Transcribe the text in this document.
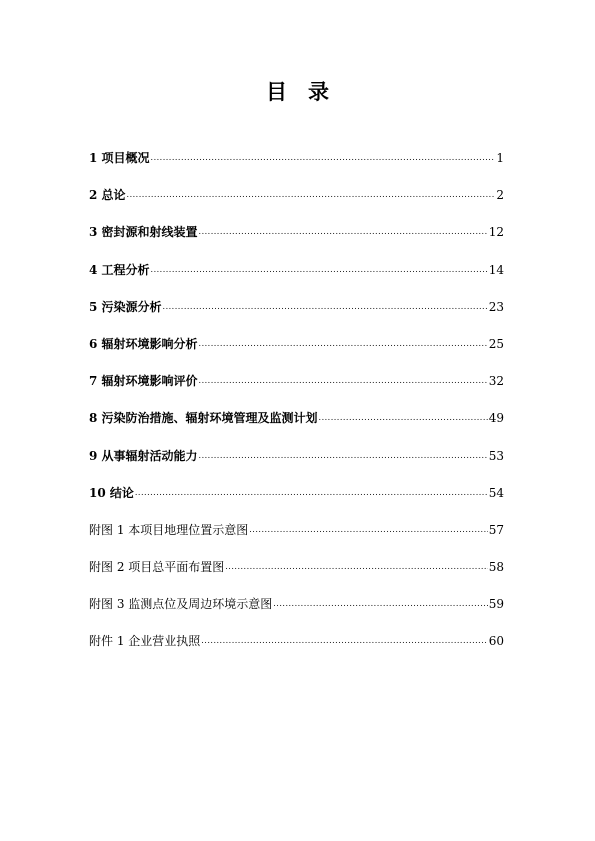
目　录
1 项目概况 .....	1
2 总论 .....	2
3 密封源和射线装置 .....	12
4 工程分析 .....	14
5 污染源分析 .....	23
6 辐射环境影响分析 .....	25
7 辐射环境影响评价 .....	32
8 污染防治措施、辐射环境管理及监测计划 .....	49
9 从事辐射活动能力 .....	53
10 结论 .....	54
附图 1 本项目地理位置示意图 .....	57
附图 2 项目总平面布置图 .....	58
附图 3 监测点位及周边环境示意图 .....	59
附件 1 企业营业执照 .....	60
